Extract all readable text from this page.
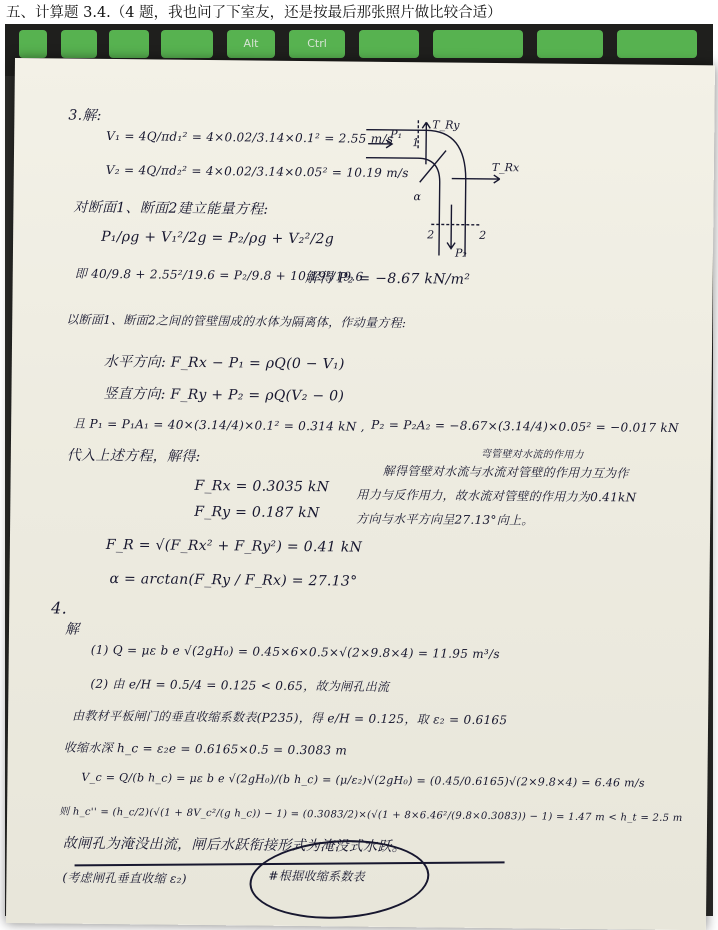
五、计算题 3.4.（4 题，我也问了下室友，还是按最后那张照片做比较合适）
Alt	Ctrl
3.解:
V₁ = 4Q/πd₁² = 4×0.02/3.14×0.1² = 2.55 m/s
V₂ = 4Q/πd₂² = 4×0.02/3.14×0.05² = 10.19 m/s
对断面1、断面2建立能量方程:
P₁/ρg + V₁²/2g = P₂/ρg + V₂²/2g
即 40/9.8 + 2.55²/19.6 = P₂/9.8 + 10.19²/19.6
解得 P₂ = −8.67 kN/m²
以断面1、断面2之间的管壁围成的水体为隔离体，作动量方程:
水平方向: F_Rx − P₁ = ρQ(0 − V₁)
竖直方向: F_Ry + P₂ = ρQ(V₂ − 0)
且 P₁ = P₁A₁ = 40×(3.14/4)×0.1² = 0.314 kN , P₂ = P₂A₂ = −8.67×(3.14/4)×0.05² = −0.017 kN
代入上述方程，解得:
F_Rx = 0.3035 kN
F_Ry = 0.187 kN
F_R = √(F_Rx² + F_Ry²) = 0.41 kN
α = arctan(F_Ry / F_Rx) = 27.13°
弯管壁对水流的作用力
解得管壁对水流与水流对管壁的作用力互为作
用力与反作用力，故水流对管壁的作用力为0.41kN
方向与水平方向呈27.13°向上。
P₁
T_Ry
T_Rx
α
1
2	2
P₂
4.
解
(1) Q = με b e √(2gH₀) = 0.45×6×0.5×√(2×9.8×4) = 11.95 m³/s
(2) 由 e/H = 0.5/4 = 0.125 < 0.65，故为闸孔出流
由教材平板闸门的垂直收缩系数表(P235)，得 e/H = 0.125，取 ε₂ = 0.6165
收缩水深 h_c = ε₂e = 0.6165×0.5 = 0.3083 m
V_c = Q/(b h_c) = με b e √(2gH₀)/(b h_c) = (μ/ε₂)√(2gH₀) = (0.45/0.6165)√(2×9.8×4) = 6.46 m/s
则 h_c'' = (h_c/2)(√(1 + 8V_c²/(g h_c)) − 1) = (0.3083/2)×(√(1 + 8×6.46²/(9.8×0.3083)) − 1) = 1.47 m < h_t = 2.5 m
故闸孔为淹没出流，闸后水跃衔接形式为淹没式水跃。
(考虑闸孔垂直收缩 ε₂)	#根据收缩系数表
